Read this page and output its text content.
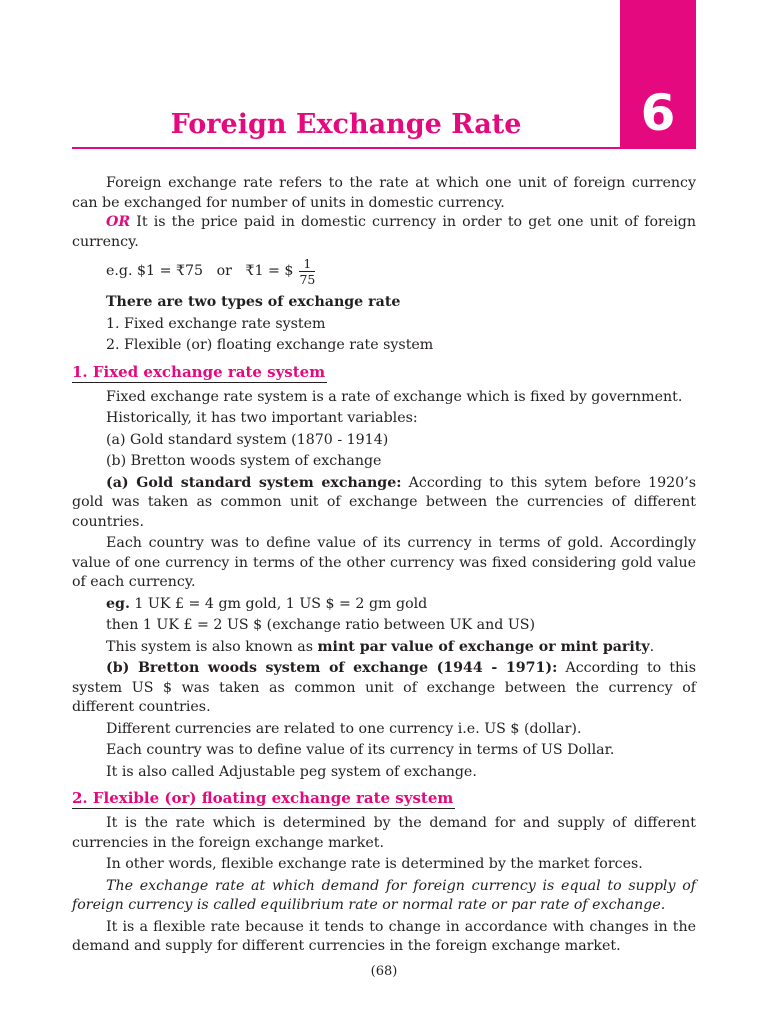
6
Foreign Exchange Rate

Foreign exchange rate refers to the rate at which one unit of foreign currency can be exchanged for number of units in domestic currency.

OR It is the price paid in domestic currency in order to get one unit of foreign currency.

e.g. $1 = ₹75   or   ₹1 = $ $\frac{1}{75}$

There are two types of exchange rate

1. Fixed exchange rate system

2. Flexible (or) floating exchange rate system

1. Fixed exchange rate system

Fixed exchange rate system is a rate of exchange which is fixed by government.

Historically, it has two important variables:

(a) Gold standard system (1870 - 1914)

(b) Bretton woods system of exchange

(a) Gold standard system exchange: According to this sytem before 1920’s gold was taken as common unit of exchange between the currencies of different countries.

Each country was to define value of its currency in terms of gold. Accordingly value of one currency in terms of the other currency was fixed considering gold value of each currency.

eg. 1 UK £ = 4 gm gold, 1 US $ = 2 gm gold

then 1 UK £ = 2 US $ (exchange ratio between UK and US)

This system is also known as mint par value of exchange or mint parity.

(b) Bretton woods system of exchange (1944 - 1971): According to this system US $ was taken as common unit of exchange between the currency of different countries.

Different currencies are related to one currency i.e. US $ (dollar).

Each country was to define value of its currency in terms of US Dollar.

It is also called Adjustable peg system of exchange.

2. Flexible (or) floating exchange rate system

It is the rate which is determined by the demand for and supply of different currencies in the foreign exchange market.

In other words, flexible exchange rate is determined by the market forces.

The exchange rate at which demand for foreign currency is equal to supply of foreign currency is called equilibrium rate or normal rate or par rate of exchange.

It is a flexible rate because it tends to change in accordance with changes in the demand and supply for different currencies in the foreign exchange market.

(68)
